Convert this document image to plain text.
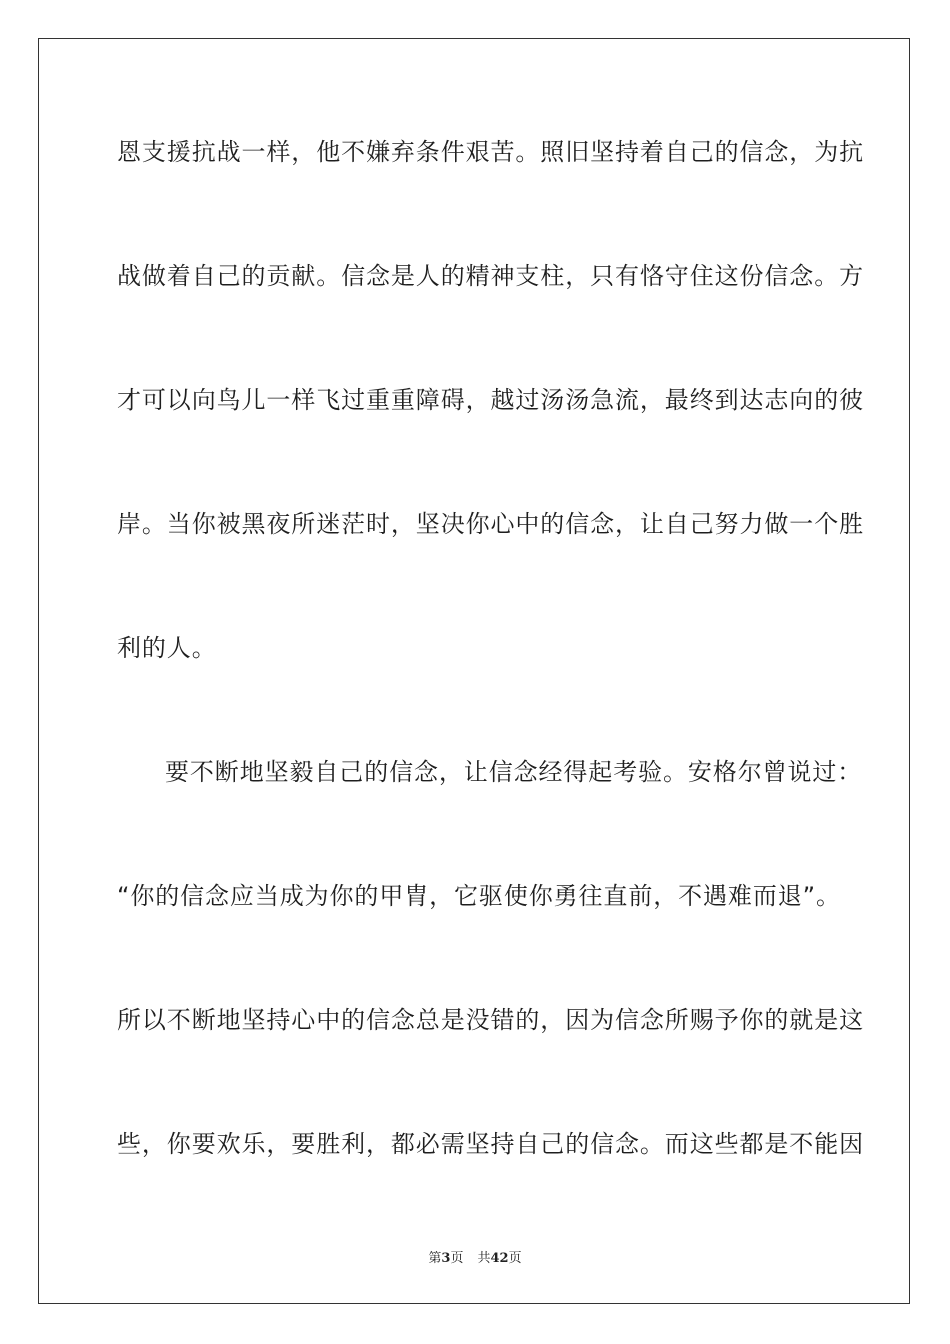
恩支援抗战一样，他不嫌弃条件艰苦。照旧坚持着自己的信念，为抗
战做着自己的贡献。信念是人的精神支柱，只有恪守住这份信念。方
才可以向鸟儿一样飞过重重障碍，越过汤汤急流，最终到达志向的彼
岸。当你被黑夜所迷茫时，坚决你心中的信念，让自己努力做一个胜
利的人。
要不断地坚毅自己的信念，让信念经得起考验。安格尔曾说过：
“你的信念应当成为你的甲胄，它驱使你勇往直前，不遇难而退”。
所以不断地坚持心中的信念总是没错的，因为信念所赐予你的就是这
些，你要欢乐，要胜利，都必需坚持自己的信念。而这些都是不能因
第3页 共42页
